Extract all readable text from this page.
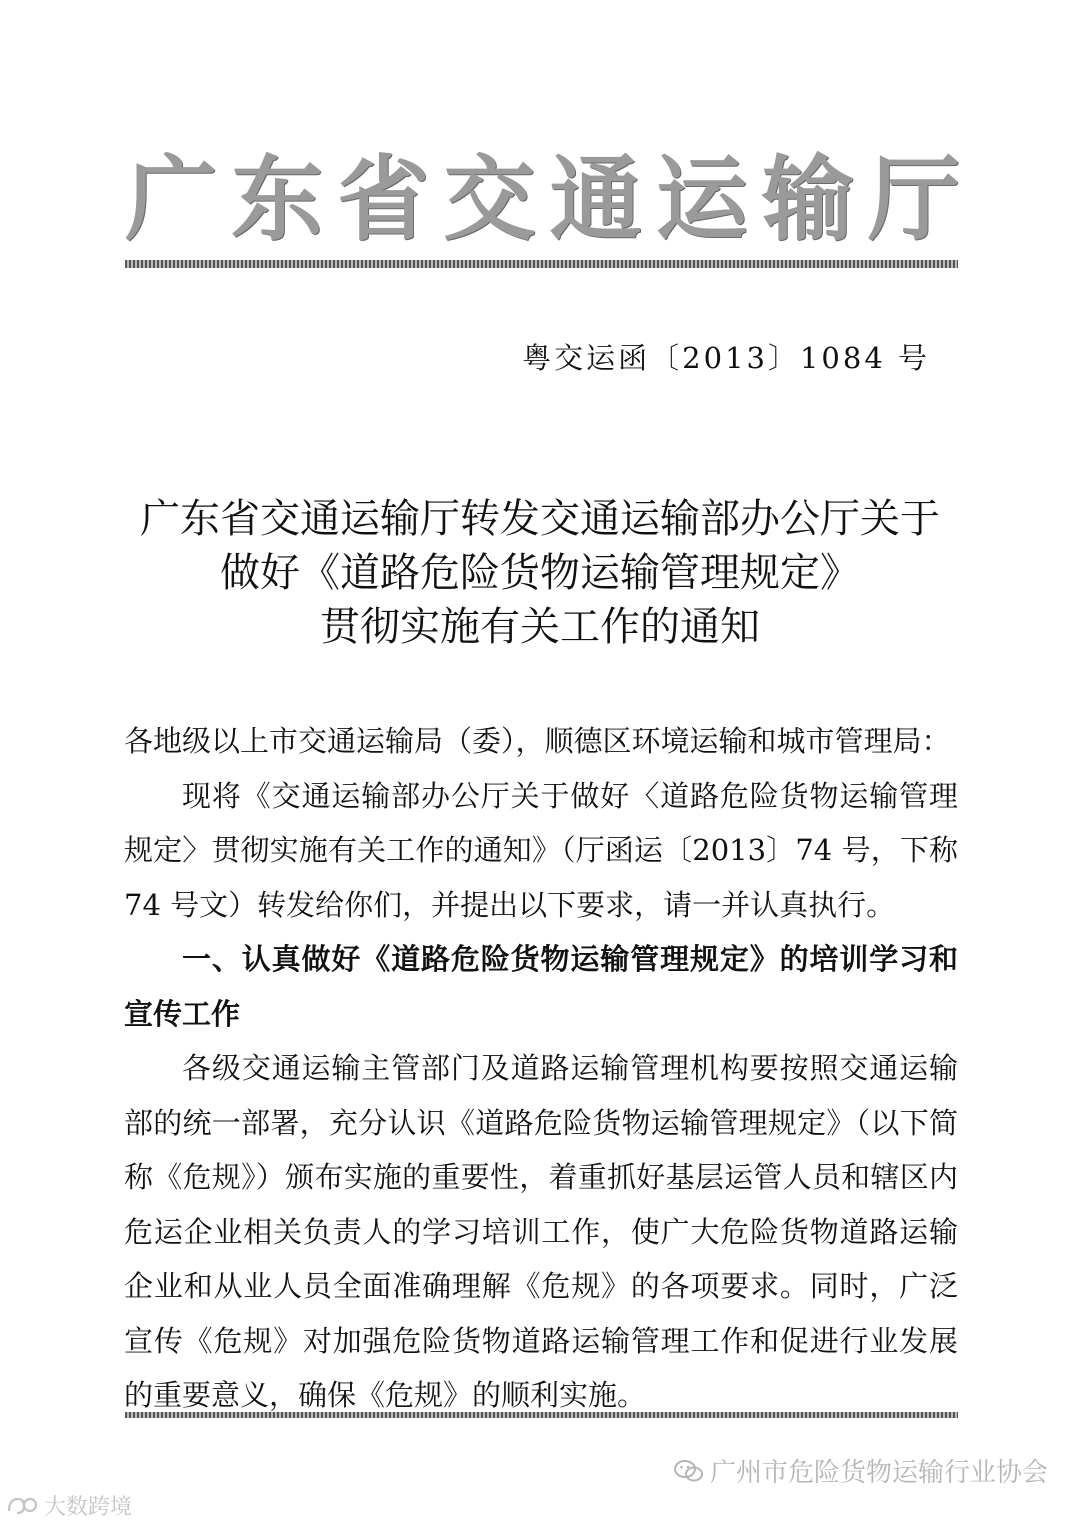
广 东 省 交 通 运 输 厅
粤交运函〔2013〕1084 号
广东省交通运输厅转发交通运输部办公厅关于
做好《道路危险货物运输管理规定》
贯彻实施有关工作的通知

各地级以上市交通运输局（委），顺德区环境运输和城市管理局：

现将《交通运输部办公厅关于做好〈道路危险货物运输管理规定〉贯彻实施有关工作的通知》（厅函运〔2013〕74 号，下称 74 号文）转发给你们，并提出以下要求，请一并认真执行。

一、认真做好《道路危险货物运输管理规定》的培训学习和宣传工作

各级交通运输主管部门及道路运输管理机构要按照交通运输部的统一部署，充分认识《道路危险货物运输管理规定》（以下简称《危规》）颁布实施的重要性，着重抓好基层运管人员和辖区内危运企业相关负责人的学习培训工作，使广大危险货物道路运输企业和从业人员全面准确理解《危规》的各项要求。同时，广泛宣传《危规》对加强危险货物道路运输管理工作和促进行业发展的重要意义，确保《危规》的顺利实施。

广州市危险货物运输行业协会
大数跨境
